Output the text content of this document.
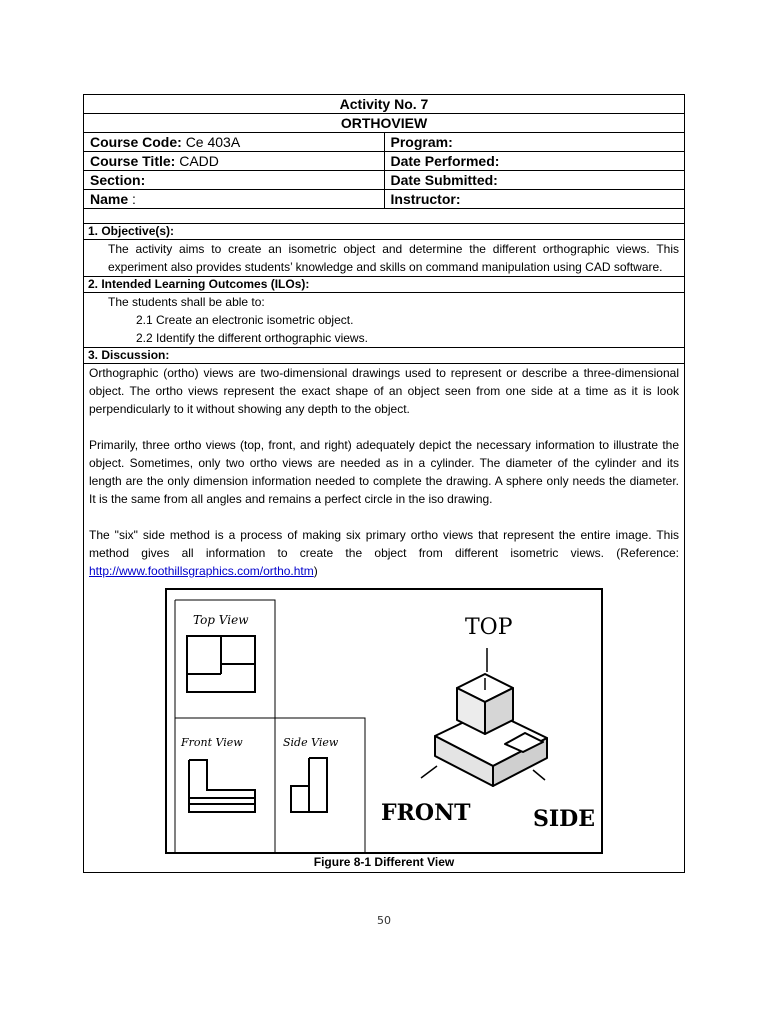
Activity No. 7	
ORTHOVIEW	
Course Code: Ce 403A	Program:
Course Title: CADD	Date Performed:
Section:	Date Submitted:
Name :	Instructor:
1. Objective(s):
The activity aims to create an isometric object and determine the different orthographic views. This experiment also provides students’ knowledge and skills on command manipulation using CAD software.
2. Intended Learning Outcomes (ILOs):
The students shall be able to:
2.1 Create an electronic isometric object.
2.2 Identify the different orthographic views.
3. Discussion:
Orthographic (ortho) views are two-dimensional drawings used to represent or describe a three-dimensional object. The ortho views represent the exact shape of an object seen from one side at a time as it is look perpendicularly to it without showing any depth to the object.
Primarily, three ortho views (top, front, and right) adequately depict the necessary information to illustrate the object. Sometimes, only two ortho views are needed as in a cylinder. The diameter of the cylinder and its length are the only dimension information needed to complete the drawing. A sphere only needs the diameter. It is the same from all angles and remains a perfect circle in the iso drawing.
The "six" side method is a process of making six primary ortho views that represent the entire image. This method gives all information to create the object from different isometric views. (Reference: http://www.foothillsgraphics.com/ortho.htm)
Top View
Front View	Side View
TOP
FRONT	SIDE
Figure 8-1 Different View
50
